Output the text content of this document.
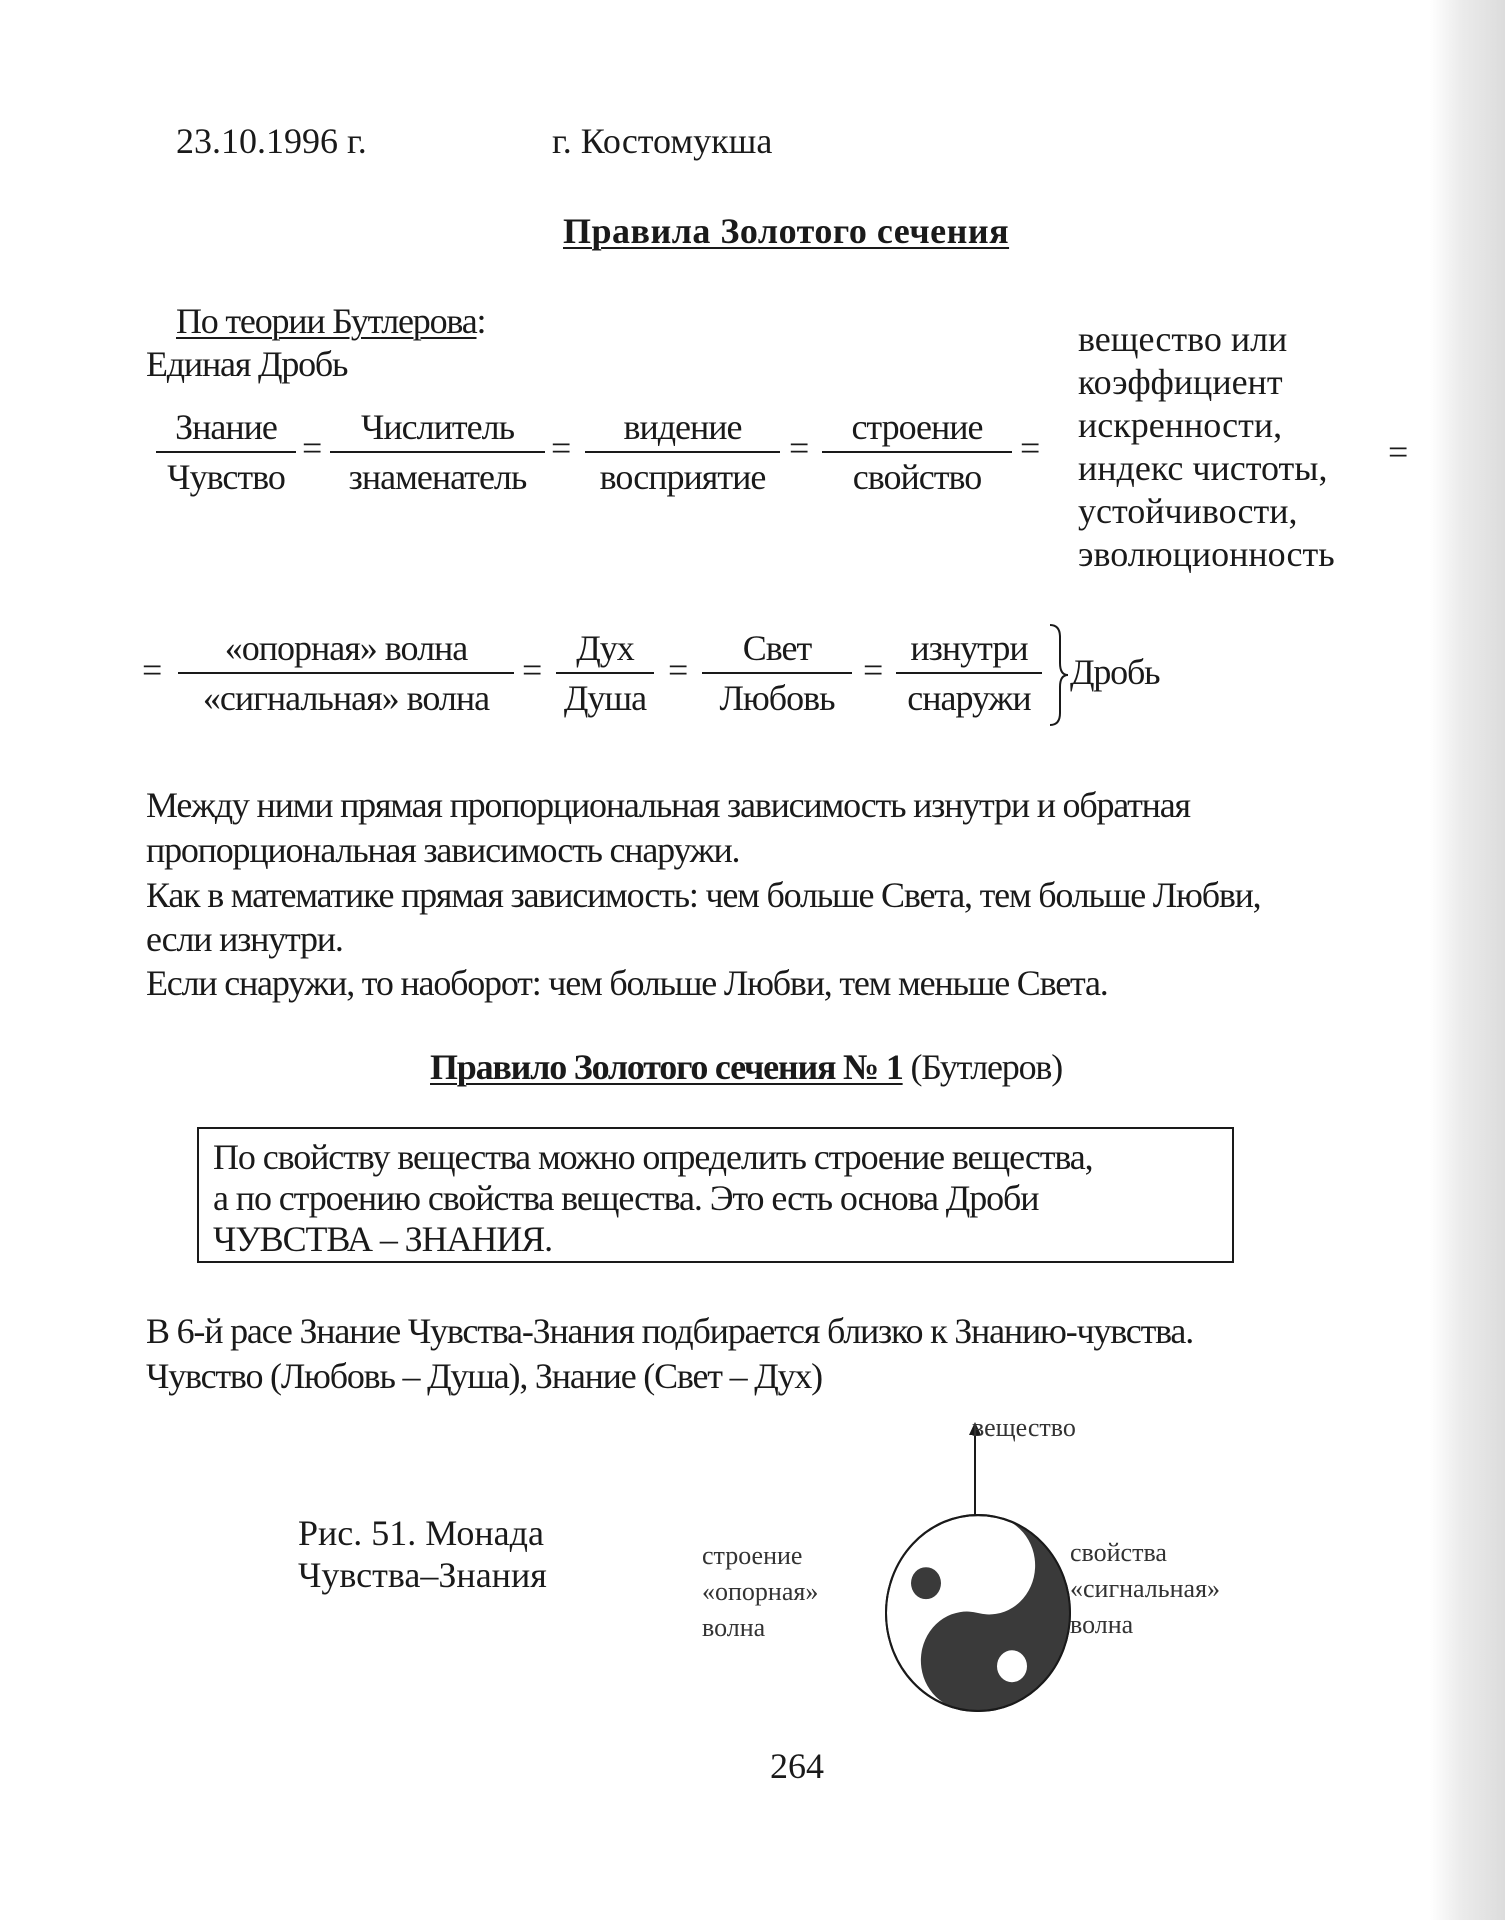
23.10.1996 г.	г. Костомукша
Правила Золотого сечения
По теории Бутлерова:
Единая Дробь
Знание
Чувство
=
Числитель
знаменатель
=
видение
восприятие
=
строение
свойство
=
вещество или
коэффициент
искренности,
индекс чистоты,
устойчивости,
эволюционность
=
=
«опорная» волна
«сигнальная» волна
=
Дух
Душа
=
Свет
Любовь
=
изнутри
снаружи
Дробь
Между ними прямая пропорциональная зависимость изнутри и обратная
пропорциональная зависимость снаружи.
Как в математике прямая зависимость: чем больше Света, тем больше Любви,
если изнутри.
Если снаружи, то наоборот: чем больше Любви, тем меньше Света.
Правило Золотого сечения № 1 (Бутлеров)
По свойству вещества можно определить строение вещества,
а по строению свойства вещества. Это есть основа Дроби
ЧУВСТВА – ЗНАНИЯ.
В 6-й расе Знание Чувства-Знания подбирается близко к Знанию-чувства.
Чувство (Любовь – Душа), Знание (Свет – Дух)
Рис. 51. Монада
Чувства–Знания
вещество
строение
«опорная»
волна
свойства
«сигнальная»
волна
264
